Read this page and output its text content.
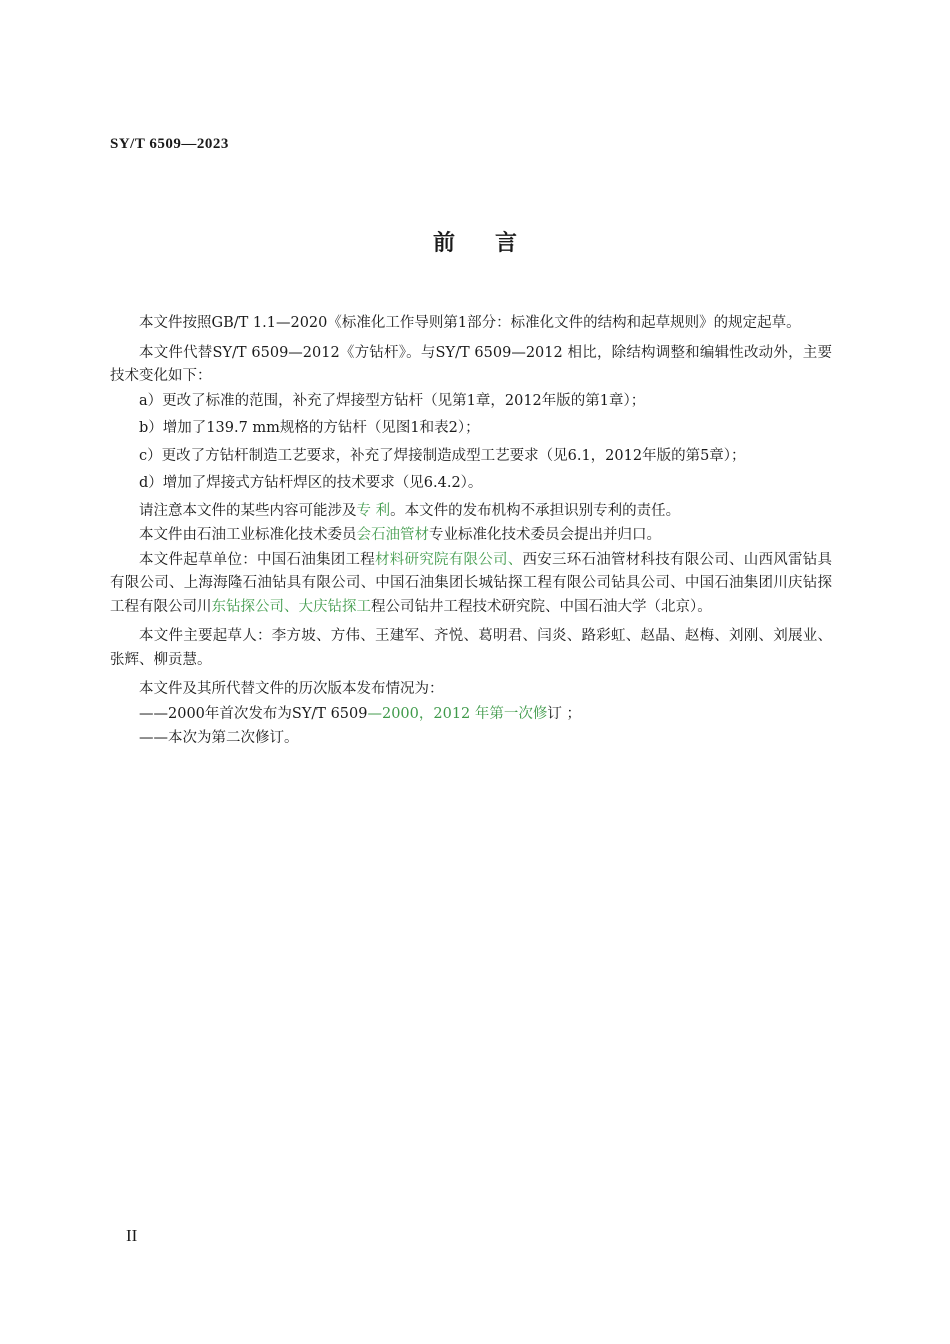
SY/T 6509—2023
前言

本文件按照GB/T 1.1—2020《标准化工作导则第1部分：标准化文件的结构和起草规则》的规定起草。

本文件代替SY/T 6509—2012《方钻杆》。与SY/T 6509—2012 相比，除结构调整和编辑性改动外，主要技术变化如下：

a）更改了标准的范围，补充了焊接型方钻杆（见第1章，2012年版的第1章）；

b）增加了139.7 mm规格的方钻杆（见图1和表2）；

c）更改了方钻杆制造工艺要求，补充了焊接制造成型工艺要求（见6.1，2012年版的第5章）；

d）增加了焊接式方钻杆焊区的技术要求（见6.4.2）。

请注意本文件的某些内容可能涉及专 利。本文件的发布机构不承担识别专利的责任。

本文件由石油工业标准化技术委员会石油管材专业标准化技术委员会提出并归口。

本文件起草单位：中国石油集团工程材料研究院有限公司、西安三环石油管材科技有限公司、山西风雷钻具有限公司、上海海隆石油钻具有限公司、中国石油集团长城钻探工程有限公司钻具公司、中国石油集团川庆钻探工程有限公司川东钻探公司、大庆钻探工程公司钻井工程技术研究院、中国石油大学（北京）。

本文件主要起草人：李方坡、方伟、王建军、齐悦、葛明君、闫炎、路彩虹、赵晶、赵梅、刘刚、刘展业、张辉、柳贡慧。

本文件及其所代替文件的历次版本发布情况为：

——2000年首次发布为SY/T 6509—2000，2012 年第一次修订 ；

——本次为第二次修订。

II
